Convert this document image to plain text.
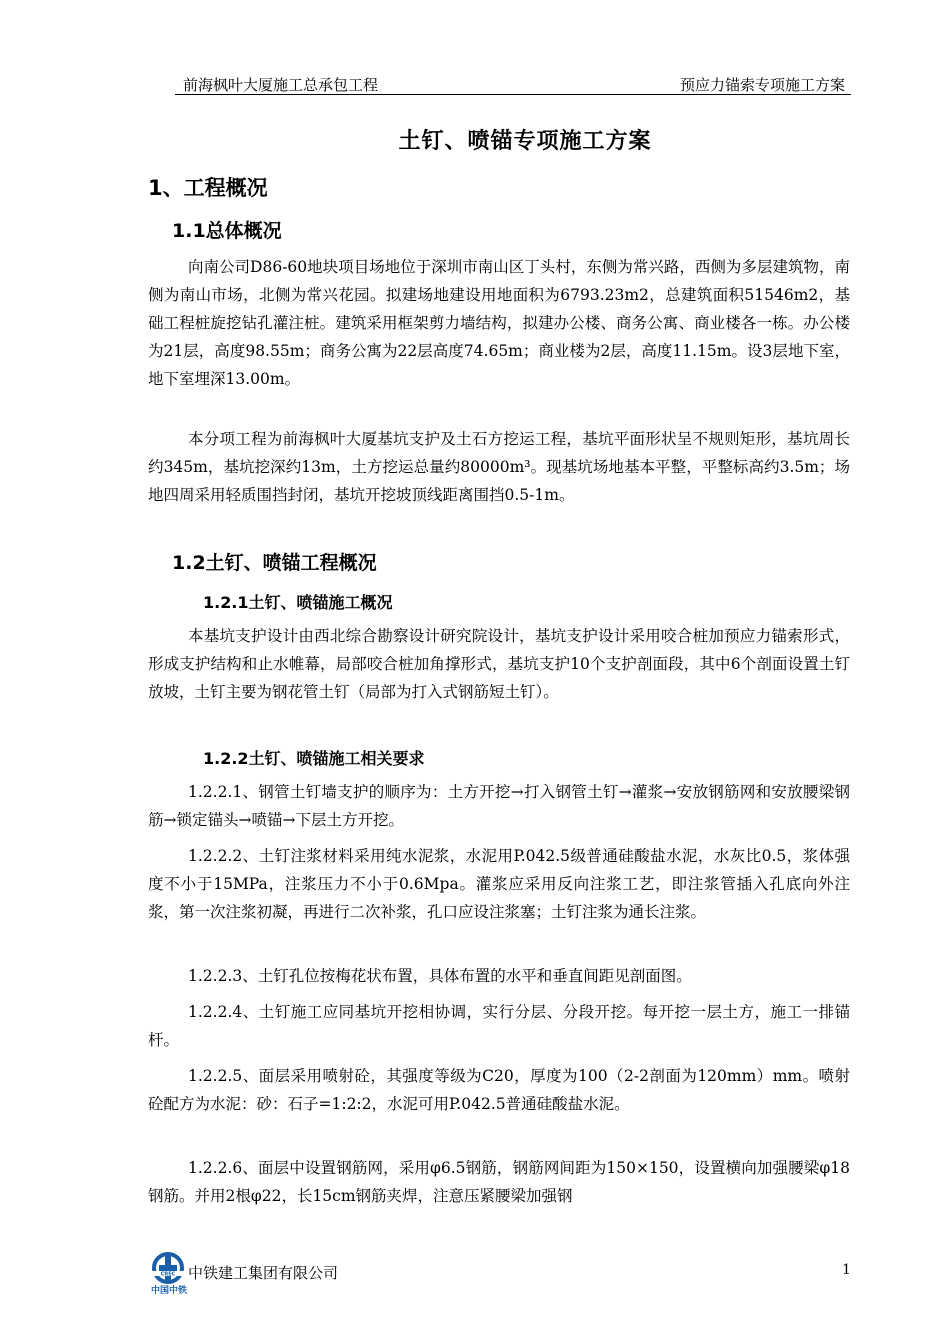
前海枫叶大厦施工总承包工程	预应力锚索专项施工方案
土钉、喷锚专项施工方案
1、工程概况
1.1总体概况

向南公司D86-60地块项目场地位于深圳市南山区丁头村，东侧为常兴路，西侧为多层建筑物，南侧为南山市场，北侧为常兴花园。拟建场地建设用地面积为6793.23m2，总建筑面积51546m2，基础工程桩旋挖钻孔灌注桩。建筑采用框架剪力墙结构，拟建办公楼、商务公寓、商业楼各一栋。办公楼为21层，高度98.55m；商务公寓为22层高度74.65m；商业楼为2层，高度11.15m。设3层地下室，地下室埋深13.00m。

本分项工程为前海枫叶大厦基坑支护及土石方挖运工程，基坑平面形状呈不规则矩形，基坑周长约345m，基坑挖深约13m，土方挖运总量约80000m³。现基坑场地基本平整，平整标高约3.5m；场地四周采用轻质围挡封闭，基坑开挖坡顶线距离围挡0.5-1m。

1.2土钉、喷锚工程概况
1.2.1土钉、喷锚施工概况

本基坑支护设计由西北综合勘察设计研究院设计，基坑支护设计采用咬合桩加预应力锚索形式，形成支护结构和止水帷幕，局部咬合桩加角撑形式，基坑支护10个支护剖面段，其中6个剖面设置土钉放坡，土钉主要为钢花管土钉（局部为打入式钢筋短土钉）。

1.2.2土钉、喷锚施工相关要求

1.2.2.1、钢管土钉墙支护的顺序为：土方开挖→打入钢管土钉→灌浆→安放钢筋网和安放腰梁钢筋→锁定锚头→喷锚→下层土方开挖。

1.2.2.2、土钉注浆材料采用纯水泥浆，水泥用P.042.5级普通硅酸盐水泥，水灰比0.5，浆体强度不小于15MPa，注浆压力不小于0.6Mpa。灌浆应采用反向注浆工艺，即注浆管插入孔底向外注浆，第一次注浆初凝，再进行二次补浆，孔口应设注浆塞；土钉注浆为通长注浆。

1.2.2.3、土钉孔位按梅花状布置，具体布置的水平和垂直间距见剖面图。

1.2.2.4、土钉施工应同基坑开挖相协调，实行分层、分段开挖。每开挖一层土方，施工一排锚杆。

1.2.2.5、面层采用喷射砼，其强度等级为C20，厚度为100（2-2剖面为120mm）mm。喷射砼配方为水泥：砂：石子=1:2:2，水泥可用P.042.5普通硅酸盐水泥。

1.2.2.6、面层中设置钢筋网，采用φ6.5钢筋，钢筋网间距为150×150，设置横向加强腰梁φ18钢筋。并用2根φ22，长15cm钢筋夹焊，注意压紧腰梁加强钢

CREC
中国中铁
中铁建工集团有限公司	1
